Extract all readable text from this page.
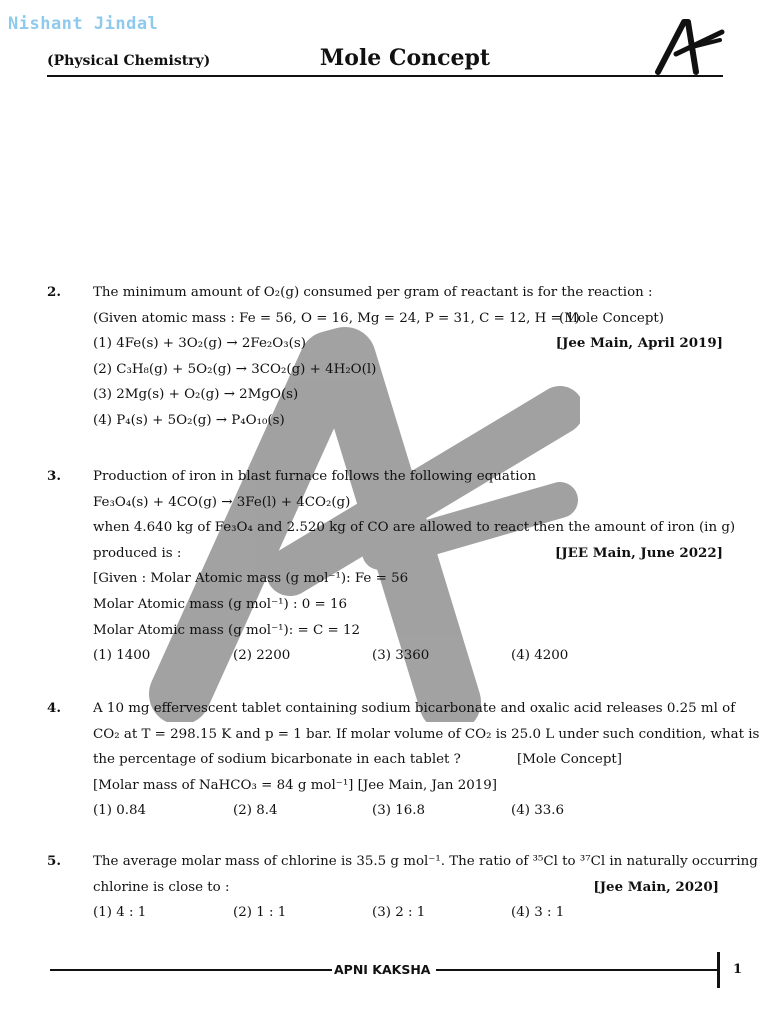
Nishant Jindal
(Physical Chemistry)	Mole Concept
2. The minimum amount of O₂(g) consumed per gram of reactant is for the reaction :
(Given atomic mass : Fe = 56, O = 16, Mg = 24, P = 31, C = 12, H = 1)
(Mole Concept)
(1) 4Fe(s) + 3O₂(g) → 2Fe₂O₃(s)	[Jee Main, April 2019]
(2) C₃H₈(g) + 5O₂(g) → 3CO₂(g) + 4H₂O(l)
(3) 2Mg(s) + O₂(g) → 2MgO(s)
(4) P₄(s) + 5O₂(g) → P₄O₁₀(s)
3. Production of iron in blast furnace follows the following equation
Fe₃O₄(s) + 4CO(g) → 3Fe(l) + 4CO₂(g)
when 4.640 kg of Fe₃O₄ and 2.520 kg of CO are allowed to react then the amount of iron (in g)
produced is :	[JEE Main, June 2022]
[Given : Molar Atomic mass (g mol⁻¹): Fe = 56
Molar Atomic mass (g mol⁻¹) : 0 = 16
Molar Atomic mass (g mol⁻¹): = C = 12
(1) 1400	(2) 2200	(3) 3360	(4) 4200
4. A 10 mg effervescent tablet containing sodium bicarbonate and oxalic acid releases 0.25 ml of
CO₂ at T = 298.15 K and p = 1 bar. If molar volume of CO₂ is 25.0 L under such condition, what is
the percentage of sodium bicarbonate in each tablet ?	[Mole Concept]
[Molar mass of NaHCO₃ = 84 g mol⁻¹] [Jee Main, Jan 2019]
(1) 0.84	(2) 8.4	(3) 16.8	(4) 33.6
5. The average molar mass of chlorine is 35.5 g mol⁻¹. The ratio of ³⁵Cl to ³⁷Cl in naturally occurring
chlorine is close to :	[Jee Main, 2020]
(1) 4 : 1	(2) 1 : 1	(3) 2 : 1	(4) 3 : 1
APNI KAKSHA	1
